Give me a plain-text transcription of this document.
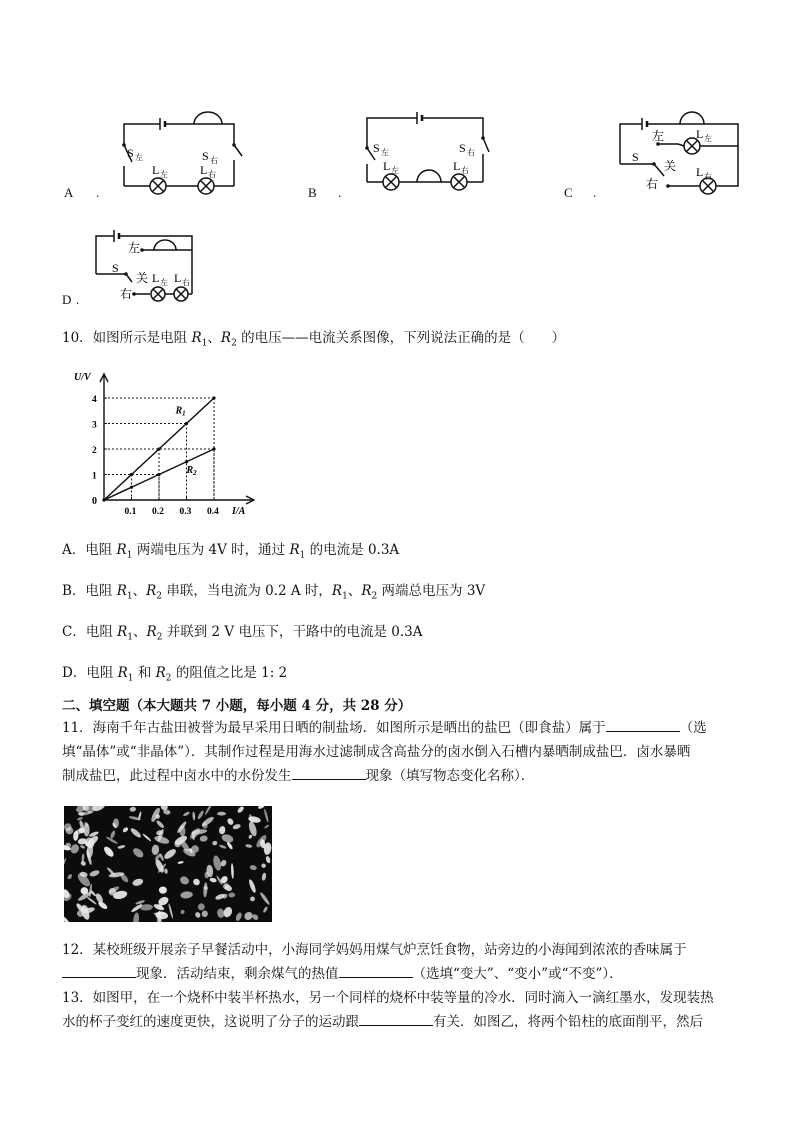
S 左	S 右
L 左	L 右
A .
S 左	S 右
L 左	L 右
B .
左
S
关
右
L 左
L 右
C .
左
S
关
右
L 左 L 右
D .
10．如图所示是电阻 $R_1$、$R_2$ 的电压——电流关系图像，下列说法正确的是（　　）
$R_1$
$R_2$
0.1 0.2 0.3 0.4
1
2
3
4
U/V
I/A
0
A．电阻 $R_1$ 两端电压为 4V 时，通过 $R_1$ 的电流是 0.3A
B．电阻 $R_1$、$R_2$ 串联，当电流为 0.2 A 时，$R_1$、$R_2$ 两端总电压为 3V
C．电阻 $R_1$、$R_2$ 并联到 2 V 电压下，干路中的电流是 0.3A
D．电阻 $R_1$ 和 $R_2$ 的阻值之比是 1: 2
二、填空题（本大题共 7 小题，每小题 4 分，共 28 分）
11．海南千年古盐田被誉为最早采用日晒的制盐场．如图所示是晒出的盐巴（即食盐）属于	（选
填“晶体”或“非晶体”）．其制作过程是用海水过滤制成含高盐分的卤水倒入石槽内暴晒制成盐巴．卤水暴晒
制成盐巴，此过程中卤水中的水份发生	现象（填写物态变化名称）．
12．某校班级开展亲子早餐活动中，小海同学妈妈用煤气炉烹饪食物，站旁边的小海闻到浓浓的香味属于
现象．活动结束，剩余煤气的热值	（选填“变大”、“变小”或“不变”）．
13．如图甲，在一个烧杯中装半杯热水，另一个同样的烧杯中装等量的冷水．同时滴入一滴红墨水，发现装热
水的杯子变红的速度更快，这说明了分子的运动跟	有关．如图乙，将两个铅柱的底面削平，然后
